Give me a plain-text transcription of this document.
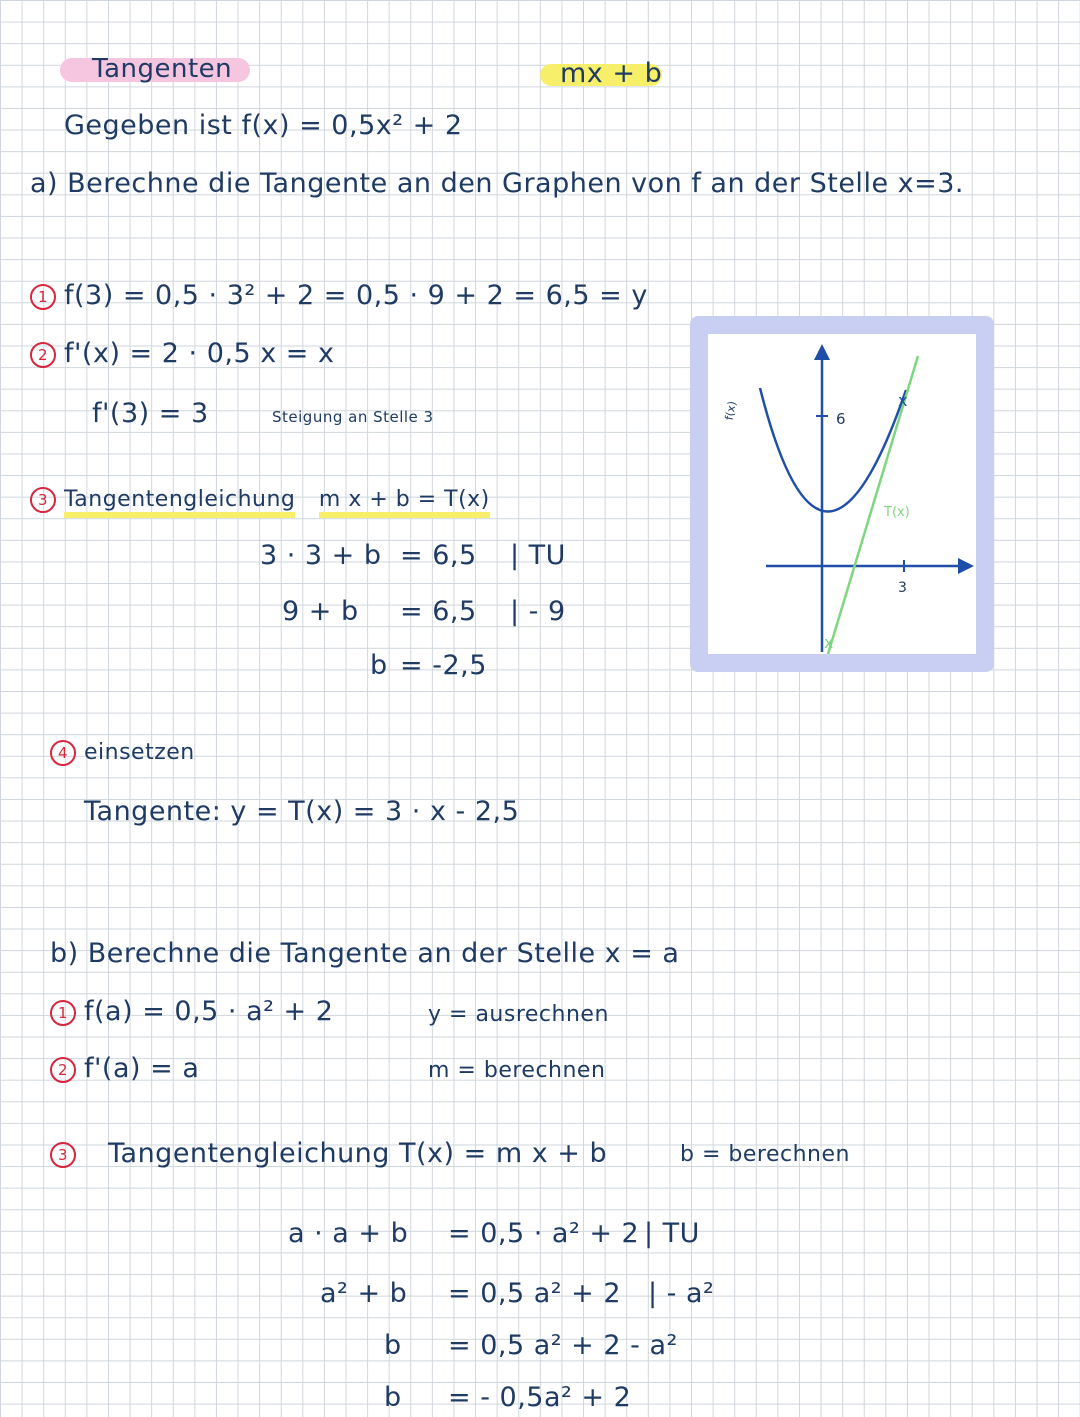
Tangenten	mx + b
Gegeben ist f(x) = 0,5x² + 2
a) Berechne die Tangente an den Graphen von f an der Stelle x=3.
1 f(3) = 0,5 · 3² + 2 = 0,5 · 9 + 2 = 6,5 = y
2 f'(x) = 2 · 0,5 x = x
f'(3) = 3	Steigung an Stelle 3
3 Tangentengleichung m x + b = T(x)
3 · 3 + b = 6,5 | TU
9 + b = 6,5 | - 9
b = -2,5
4 einsetzen
Tangente: y = T(x) = 3 · x - 2,5
x
x
6
3
f(x)
T(x)
b) Berechne die Tangente an der Stelle x = a
1 f(a) = 0,5 · a² + 2	y = ausrechnen
2 f'(a) = a	m = berechnen
3 Tangentengleichung T(x) = m x + b	b = berechnen
a · a + b = 0,5 · a² + 2 | TU
a² + b = 0,5 a² + 2 | - a²
b = 0,5 a² + 2 - a²
b = - 0,5a² + 2
